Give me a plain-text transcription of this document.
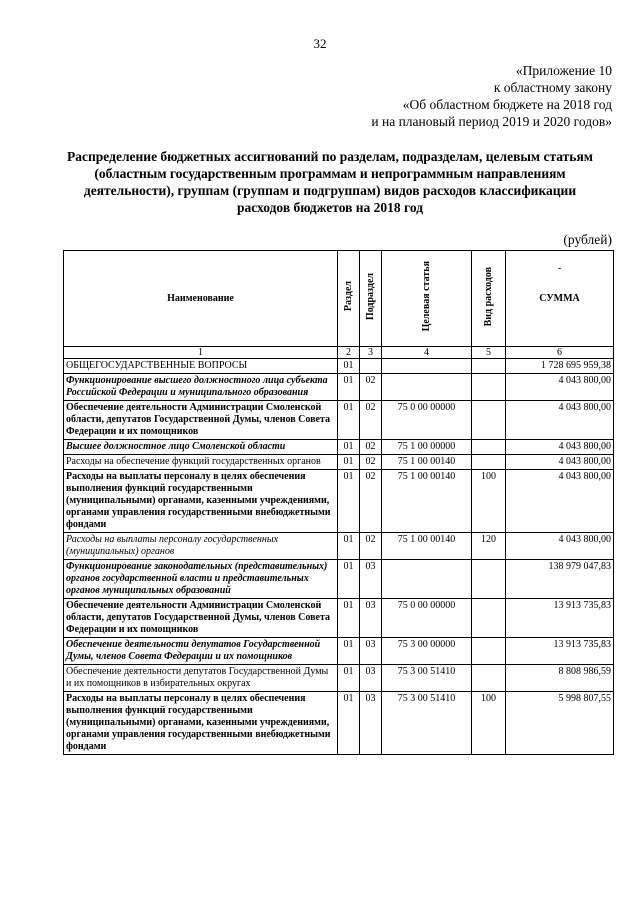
32
«Приложение 10
к областному закону
«Об областном бюджете на 2018 год
и на плановый период 2019 и 2020 годов»
Распределение бюджетных ассигнований по разделам, подразделам, целевым статьям (областным государственным программам и непрограммным направлениям деятельности), группам (группам и подгруппам) видов расходов классификации расходов бюджетов на 2018 год
(рублей)
Наименование	Раздел	Подраздел	Целевая статья	Вид расходов	-
СУММА
1	2	3	4	5	6
ОБЩЕГОСУДАРСТВЕННЫЕ ВОПРОСЫ	01				1 728 695 959,38
Функционирование высшего должностного лица субъекта Российской Федерации и муниципального образования	01	02			4 043 800,00
Обеспечение деятельности Администрации Смоленской области, депутатов Государственной Думы, членов Совета Федерации и их помощников	01	02	75 0 00 00000		4 043 800,00
Высшее должностное лицо Смоленской области	01	02	75 1 00 00000		4 043 800,00
Расходы на обеспечение функций государственных органов	01	02	75 1 00 00140		4 043 800,00
Расходы на выплаты персоналу в целях обеспечения выполнения функций государственными (муниципальными) органами, казенными учреждениями, органами управления государственными внебюджетными фондами	01	02	75 1 00 00140	100	4 043 800,00
Расходы на выплаты персоналу государственных (муниципальных) органов	01	02	75 1 00 00140	120	4 043 800,00
Функционирование законодательных (представительных) органов государственной власти и представительных органов муниципальных образований	01	03			138 979 047,83
Обеспечение деятельности Администрации Смоленской области, депутатов Государственной Думы, членов Совета Федерации и их помощников	01	03	75 0 00 00000		13 913 735,83
Обеспечение деятельности депутатов Государственной Думы, членов Совета Федерации и их помощников	01	03	75 3 00 00000		13 913 735,83
Обеспечение деятельности депутатов Государственной Думы и их помощников в избирательных округах	01	03	75 3 00 51410		8 808 986,59
Расходы на выплаты персоналу в целях обеспечения выполнения функций государственными (муниципальными) органами, казенными учреждениями, органами управления государственными внебюджетными фондами	01	03	75 3 00 51410	100	5 998 807,55
